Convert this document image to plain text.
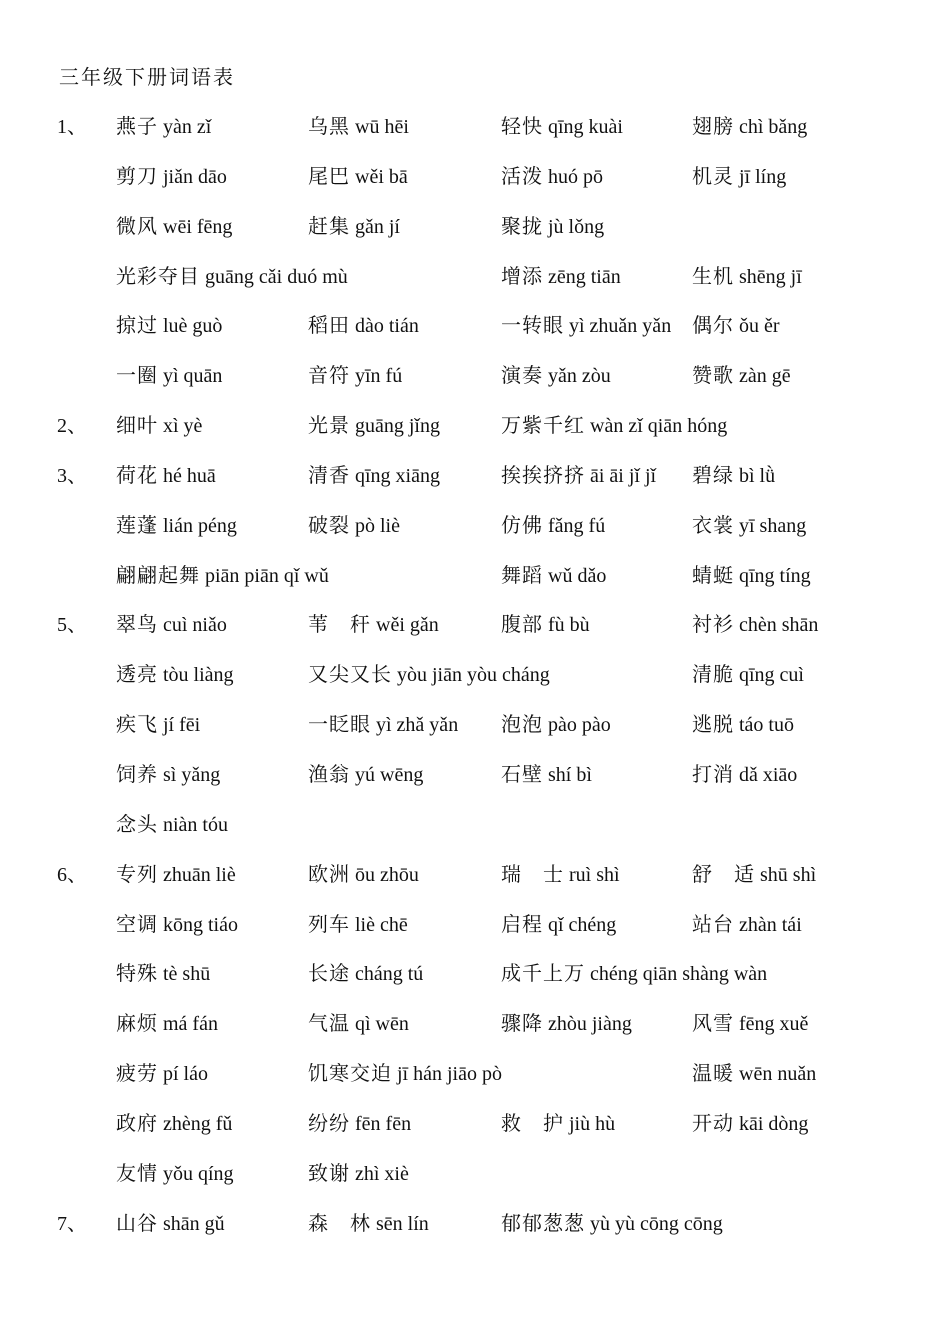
三年级下册词语表
1、 燕子 yàn zǐ	乌黑 wū hēi	轻快 qīng kuài	翅膀 chì bǎng
剪刀 jiǎn dāo	尾巴 wěi bā	活泼 huó pō	机灵 jī líng
微风 wēi fēng	赶集 gǎn jí	聚拢 jù lǒng
光彩夺目 guāng cǎi duó mù	增添 zēng tiān	生机 shēng jī
掠过 luè guò	稻田 dào tián	一转眼 yì zhuǎn yǎn 偶尔 ǒu ěr
一圈 yì quān	音符 yīn fú	演奏 yǎn zòu	赞歌 zàn gē
2、 细叶 xì yè	光景 guāng jǐng	万紫千红 wàn zǐ qiān hóng
3、 荷花 hé huā	清香 qīng xiāng	挨挨挤挤 āi āi jǐ jǐ 碧绿 bì lǜ
莲蓬 lián péng	破裂 pò liè	仿佛 fǎng fú	衣裳 yī shang
翩翩起舞 piān piān qǐ wǔ	舞蹈 wǔ dǎo	蜻蜓 qīng tíng
5、 翠鸟 cuì niǎo	苇　秆 wěi gǎn	腹部 fù bù	衬衫 chèn shān
透亮 tòu liàng	又尖又长 yòu jiān yòu cháng	清脆 qīng cuì
疾飞 jí fēi	一眨眼 yì zhǎ yǎn 泡泡 pào pào	逃脱 táo tuō
饲养 sì yǎng	渔翁 yú wēng	石壁 shí bì	打消 dǎ xiāo
念头 niàn tóu
6、 专列 zhuān liè	欧洲 ōu zhōu	瑞　士 ruì shì	舒　适 shū shì
空调 kōng tiáo	列车 liè chē	启程 qǐ chéng	站台 zhàn tái
特殊 tè shū	长途 cháng tú	成千上万 chéng qiān shàng wàn
麻烦 má fán	气温 qì wēn	骤降 zhòu jiàng	风雪 fēng xuě
疲劳 pí láo	饥寒交迫 jī hán jiāo pò	温暖 wēn nuǎn
政府 zhèng fǔ	纷纷 fēn fēn	救　护 jiù hù	开动 kāi dòng
友情 yǒu qíng	致谢 zhì xiè
7、 山谷 shān gǔ	森　林 sēn lín	郁郁葱葱 yù yù cōng cōng
